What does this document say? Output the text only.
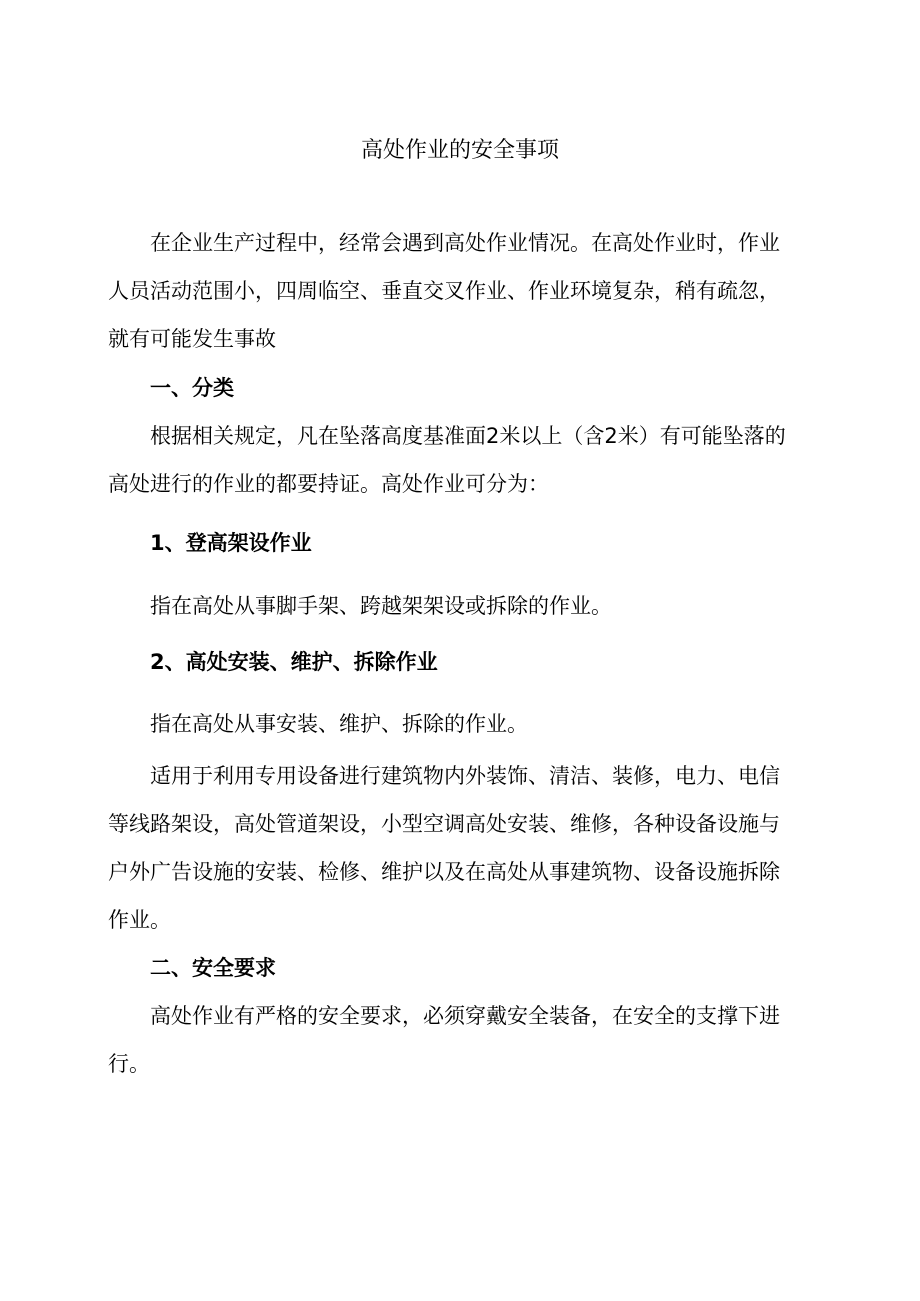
高处作业的安全事项
在企业生产过程中，经常会遇到高处作业情况。在高处作业时，作业
人员活动范围小，四周临空、垂直交叉作业、作业环境复杂，稍有疏忽，
就有可能发生事故
一、分类
根据相关规定，凡在坠落高度基准面2米以上（含2米）有可能坠落的
高处进行的作业的都要持证。高处作业可分为：
1、登高架设作业
指在高处从事脚手架、跨越架架设或拆除的作业。
2、高处安装、维护、拆除作业
指在高处从事安装、维护、拆除的作业。
适用于利用专用设备进行建筑物内外装饰、清洁、装修，电力、电信
等线路架设，高处管道架设，小型空调高处安装、维修，各种设备设施与
户外广告设施的安装、检修、维护以及在高处从事建筑物、设备设施拆除
作业。
二、安全要求
高处作业有严格的安全要求，必须穿戴安全装备，在安全的支撑下进
行。
